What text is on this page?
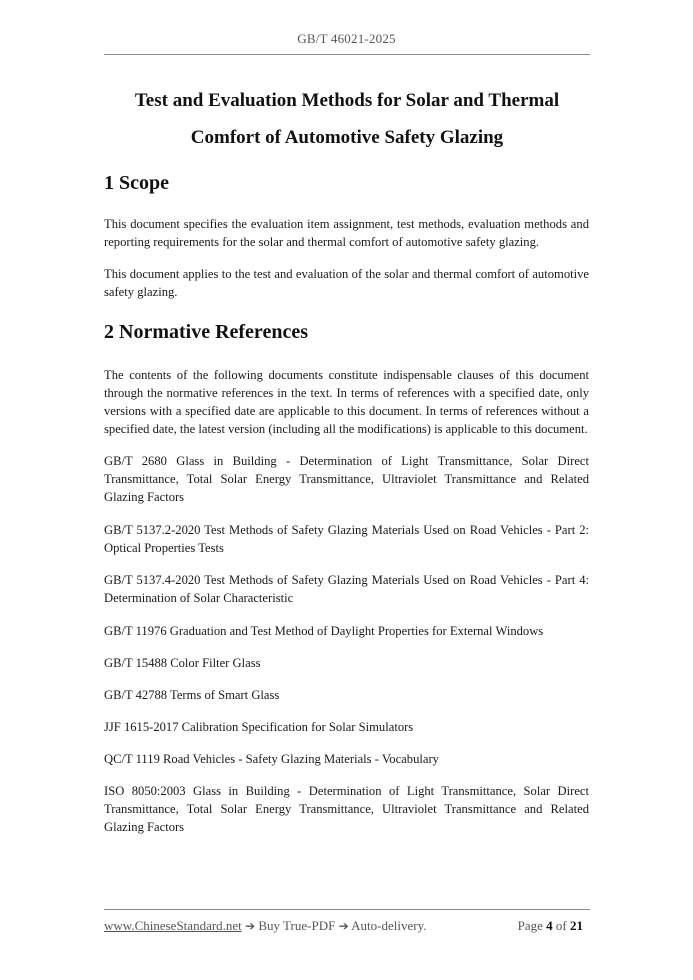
GB/T 46021-2025
Test and Evaluation Methods for Solar and Thermal
Comfort of Automotive Safety Glazing
1 Scope
This document specifies the evaluation item assignment, test methods, evaluation methods and reporting requirements for the solar and thermal comfort of automotive safety glazing.
This document applies to the test and evaluation of the solar and thermal comfort of automotive safety glazing.
2 Normative References
The contents of the following documents constitute indispensable clauses of this document through the normative references in the text. In terms of references with a specified date, only versions with a specified date are applicable to this document. In terms of references without a specified date, the latest version (including all the modifications) is applicable to this document.
GB/T 2680 Glass in Building - Determination of Light Transmittance, Solar Direct Transmittance, Total Solar Energy Transmittance, Ultraviolet Transmittance and Related Glazing Factors
GB/T 5137.2-2020 Test Methods of Safety Glazing Materials Used on Road Vehicles - Part 2: Optical Properties Tests
GB/T 5137.4-2020 Test Methods of Safety Glazing Materials Used on Road Vehicles - Part 4: Determination of Solar Characteristic
GB/T 11976 Graduation and Test Method of Daylight Properties for External Windows
GB/T 15488 Color Filter Glass
GB/T 42788 Terms of Smart Glass
JJF 1615-2017 Calibration Specification for Solar Simulators
QC/T 1119 Road Vehicles - Safety Glazing Materials - Vocabulary
ISO 8050:2003 Glass in Building - Determination of Light Transmittance, Solar Direct Transmittance, Total Solar Energy Transmittance, Ultraviolet Transmittance and Related Glazing Factors
www.ChineseStandard.net ➔ Buy True-PDF ➔ Auto-delivery.	Page 4 of 21
